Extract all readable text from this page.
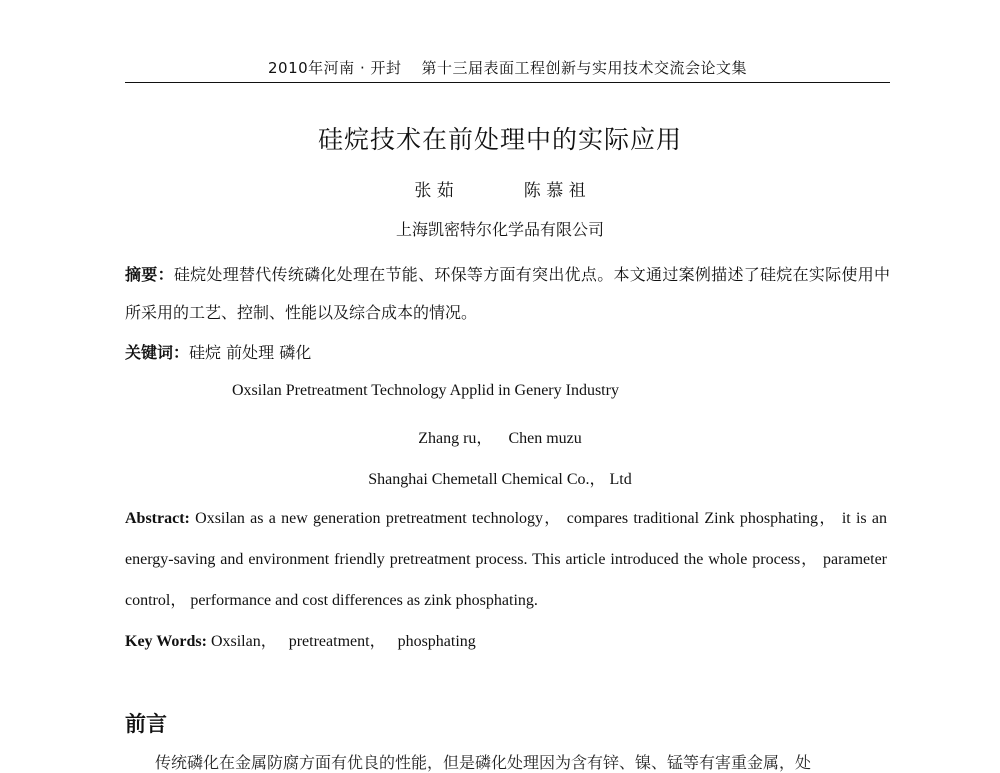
2010年河南 · 开封 第十三届表面工程创新与实用技术交流会论文集
硅烷技术在前处理中的实际应用
张 茹	陈 慕 祖
上海凯密特尔化学品有限公司
摘要：硅烷处理替代传统磷化处理在节能、环保等方面有突出优点。本文通过案例描述了硅烷在实际使用中所采用的工艺、控制、性能以及综合成本的情况。
关键词：硅烷 前处理 磷化
Oxsilan Pretreatment Technology Applid in Genery Industry
Zhang ru， Chen muzu
Shanghai Chemetall Chemical Co.， Ltd
Abstract: Oxsilan as a new generation pretreatment technology， compares traditional Zink phosphating， it is an energy-saving and environment friendly pretreatment process. This article introduced the whole process， parameter control， performance and cost differences as zink phosphating.
Key Words: Oxsilan， pretreatment， phosphating
前言
传统磷化在金属防腐方面有优良的性能，但是磷化处理因为含有锌、镍、锰等有害重金属，处
